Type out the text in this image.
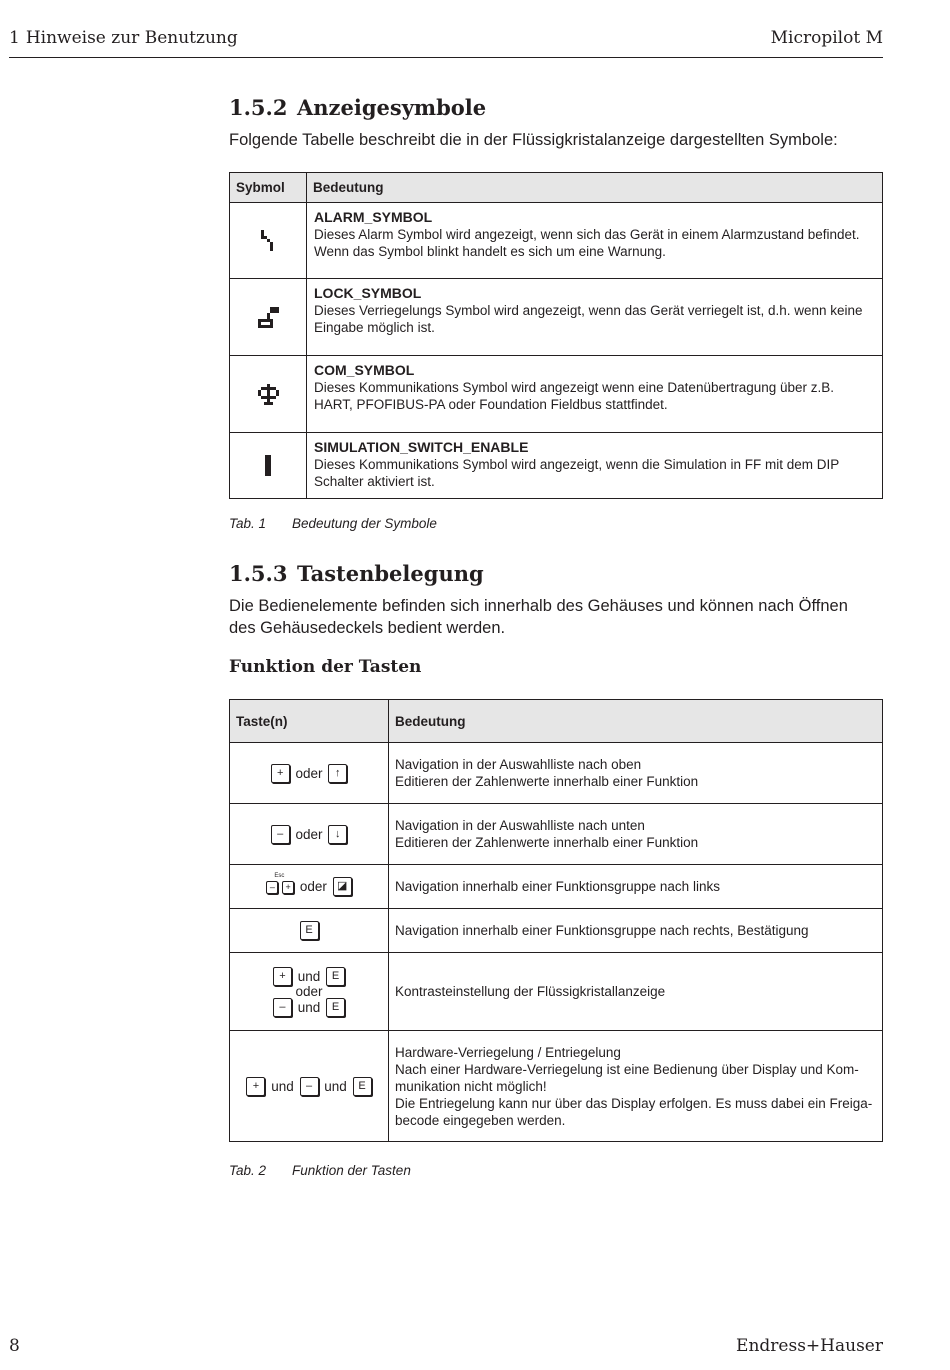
1 Hinweise zur Benutzung	Micropilot M
1.5.2 Anzeigesymbole
Folgende Tabelle beschreibt die in der Flüssigkristalanzeige dargestellten Symbole:
Sybmol	Bedeutung

	ALARM_SYMBOL
Dieses Alarm Symbol wird angezeigt, wenn sich das Gerät in einem Alarmzustand befindet. Wenn das Symbol blinkt handelt es sich um eine Warnung.

	LOCK_SYMBOL
Dieses Verriegelungs Symbol wird angezeigt, wenn das Gerät verriegelt ist, d.h. wenn keine Eingabe möglich ist.

	COM_SYMBOL
Dieses Kommunikations Symbol wird angezeigt wenn eine Datenübertragung über z.B. HART, PFOFIBUS-PA oder Foundation Fieldbus stattfindet.

	SIMULATION_SWITCH_ENABLE
Dieses Kommunikations Symbol wird angezeigt, wenn die Simulation in FF mit dem DIP Schalter aktiviert ist.
Tab. 1 Bedeutung der Symbole
1.5.3 Tastenbelegung
Die Bedienelemente befinden sich innerhalb des Gehäuses und können nach Öffnen des Gehäusedeckels bedient werden.
Funktion der Tasten
Taste(n)	Bedeutung
+ oder ↑	Navigation in der Auswahlliste nach oben
Editieren der Zahlenwerte innerhalb einer Funktion

– oder ↓	Navigation in der Auswahlliste nach unten
Editieren der Zahlenwerte innerhalb einer Funktion

Esc
– + oder ◪	Navigation innerhalb einer Funktionsgruppe nach links

E	Navigation innerhalb einer Funktionsgruppe nach rechts, Bestätigung

+ und E
oder
– und E	Kontrasteinstellung der Flüssigkristallanzeige

+ und – und E	Hardware-Verriegelung / Entriegelung
Nach einer Hardware-Verriegelung ist eine Bedienung über Display und Kom-
munikation nicht möglich!
Die Entriegelung kann nur über das Display erfolgen. Es muss dabei ein Freiga-
becode eingegeben werden.
Tab. 2 Funktion der Tasten
8	Endress+Hauser
